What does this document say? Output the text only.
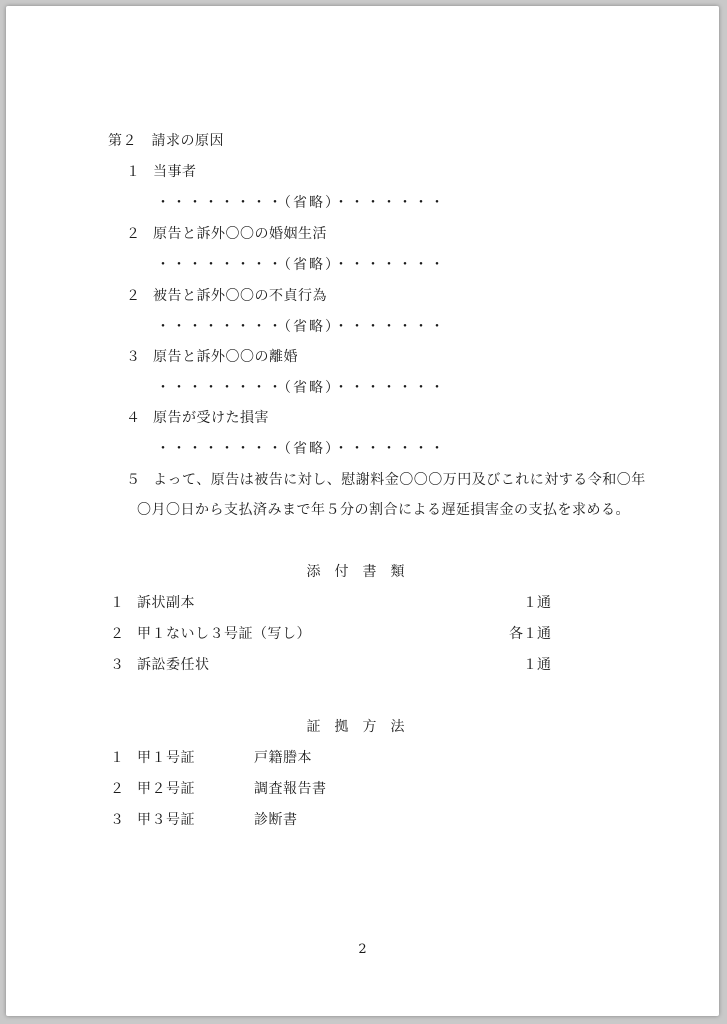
第２　請求の原因
１ 当事者
・・・・・・・・（省略）・・・・・・・
２ 原告と訴外〇〇の婚姻生活
・・・・・・・・（省略）・・・・・・・
２ 被告と訴外〇〇の不貞行為
・・・・・・・・（省略）・・・・・・・
３ 原告と訴外〇〇の離婚
・・・・・・・・（省略）・・・・・・・
４ 原告が受けた損害
・・・・・・・・（省略）・・・・・・・
５ よって、原告は被告に対し、慰謝料金〇〇〇万円及びこれに対する令和〇年
〇月〇日から支払済みまで年５分の割合による遅延損害金の支払を求める。
添付書類
１ 訴状副本	１通
２ 甲１ないし３号証（写し）	各１通
３ 訴訟委任状	１通
証拠方法
１ 甲１号証	戸籍謄本
２ 甲２号証	調査報告書
３ 甲３号証	診断書
2
